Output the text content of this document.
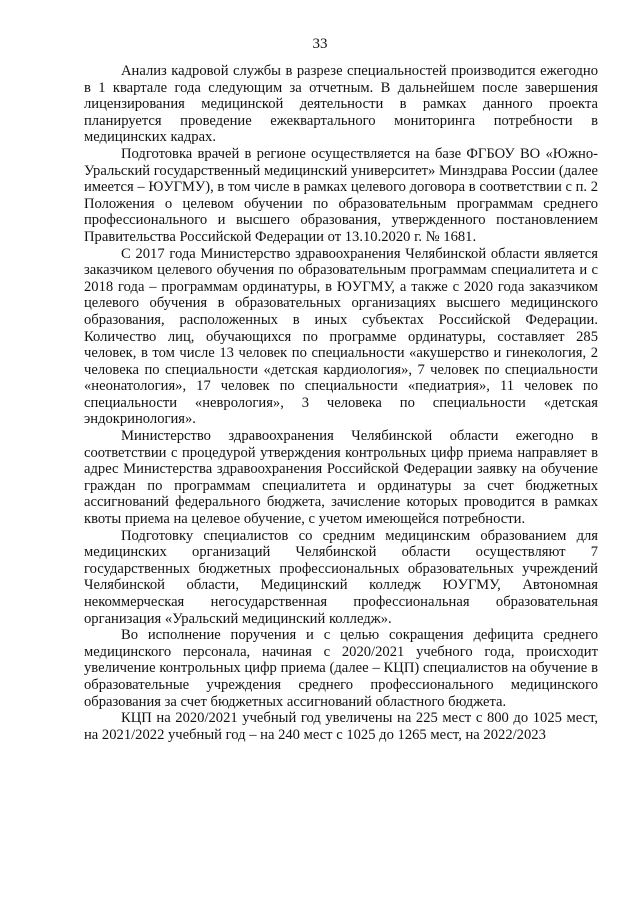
33

Анализ кадровой службы в разрезе специальностей производится ежегодно в 1 квартале года следующим за отчетным. В дальнейшем после завершения лицензирования медицинской деятельности в рамках данного проекта планируется проведение ежеквартального мониторинга потребности в медицинских кадрах.

Подготовка врачей в регионе осуществляется на базе ФГБОУ ВО «Южно-Уральский государственный медицинский университет» Минздрава России (далее имеется – ЮУГМУ), в том числе в рамках целевого договора в соответствии с п. 2 Положения о целевом обучении по образовательным программам среднего профессионального и высшего образования, утвержденного постановлением Правительства Российской Федерации от 13.10.2020 г. № 1681.

С 2017 года Министерство здравоохранения Челябинской области является заказчиком целевого обучения по образовательным программам специалитета и с 2018 года – программам ординатуры, в ЮУГМУ, а также с 2020 года заказчиком целевого обучения в образовательных организациях высшего медицинского образования, расположенных в иных субъектах Российской Федерации. Количество лиц, обучающихся по программе ординатуры, составляет 285 человек, в том числе 13 человек по специальности «акушерство и гинекология, 2 человека по специальности «детская кардиология», 7 человек по специальности «неонатология», 17 человек по специальности «педиатрия», 11 человек по специальности «неврология», 3 человека по специальности «детская эндокринология».

Министерство здравоохранения Челябинской области ежегодно в соответствии с процедурой утверждения контрольных цифр приема направляет в адрес Министерства здравоохранения Российской Федерации заявку на обучение граждан по программам специалитета и ординатуры за счет бюджетных ассигнований федерального бюджета, зачисление которых проводится в рамках квоты приема на целевое обучение, с учетом имеющейся потребности.

Подготовку специалистов со средним медицинским образованием для медицинских организаций Челябинской области осуществляют 7 государственных бюджетных профессиональных образовательных учреждений Челябинской области, Медицинский колледж ЮУГМУ, Автономная некоммерческая негосударственная профессиональная образовательная организация «Уральский медицинский колледж».

Во исполнение поручения и с целью сокращения дефицита среднего медицинского персонала, начиная с 2020/2021 учебного года, происходит увеличение контрольных цифр приема (далее – КЦП) специалистов на обучение в образовательные учреждения среднего профессионального медицинского образования за счет бюджетных ассигнований областного бюджета.

КЦП на 2020/2021 учебный год увеличены на 225 мест с 800 до 1025 мест, на 2021/2022 учебный год – на 240 мест с 1025 до 1265 мест, на 2022/2023
